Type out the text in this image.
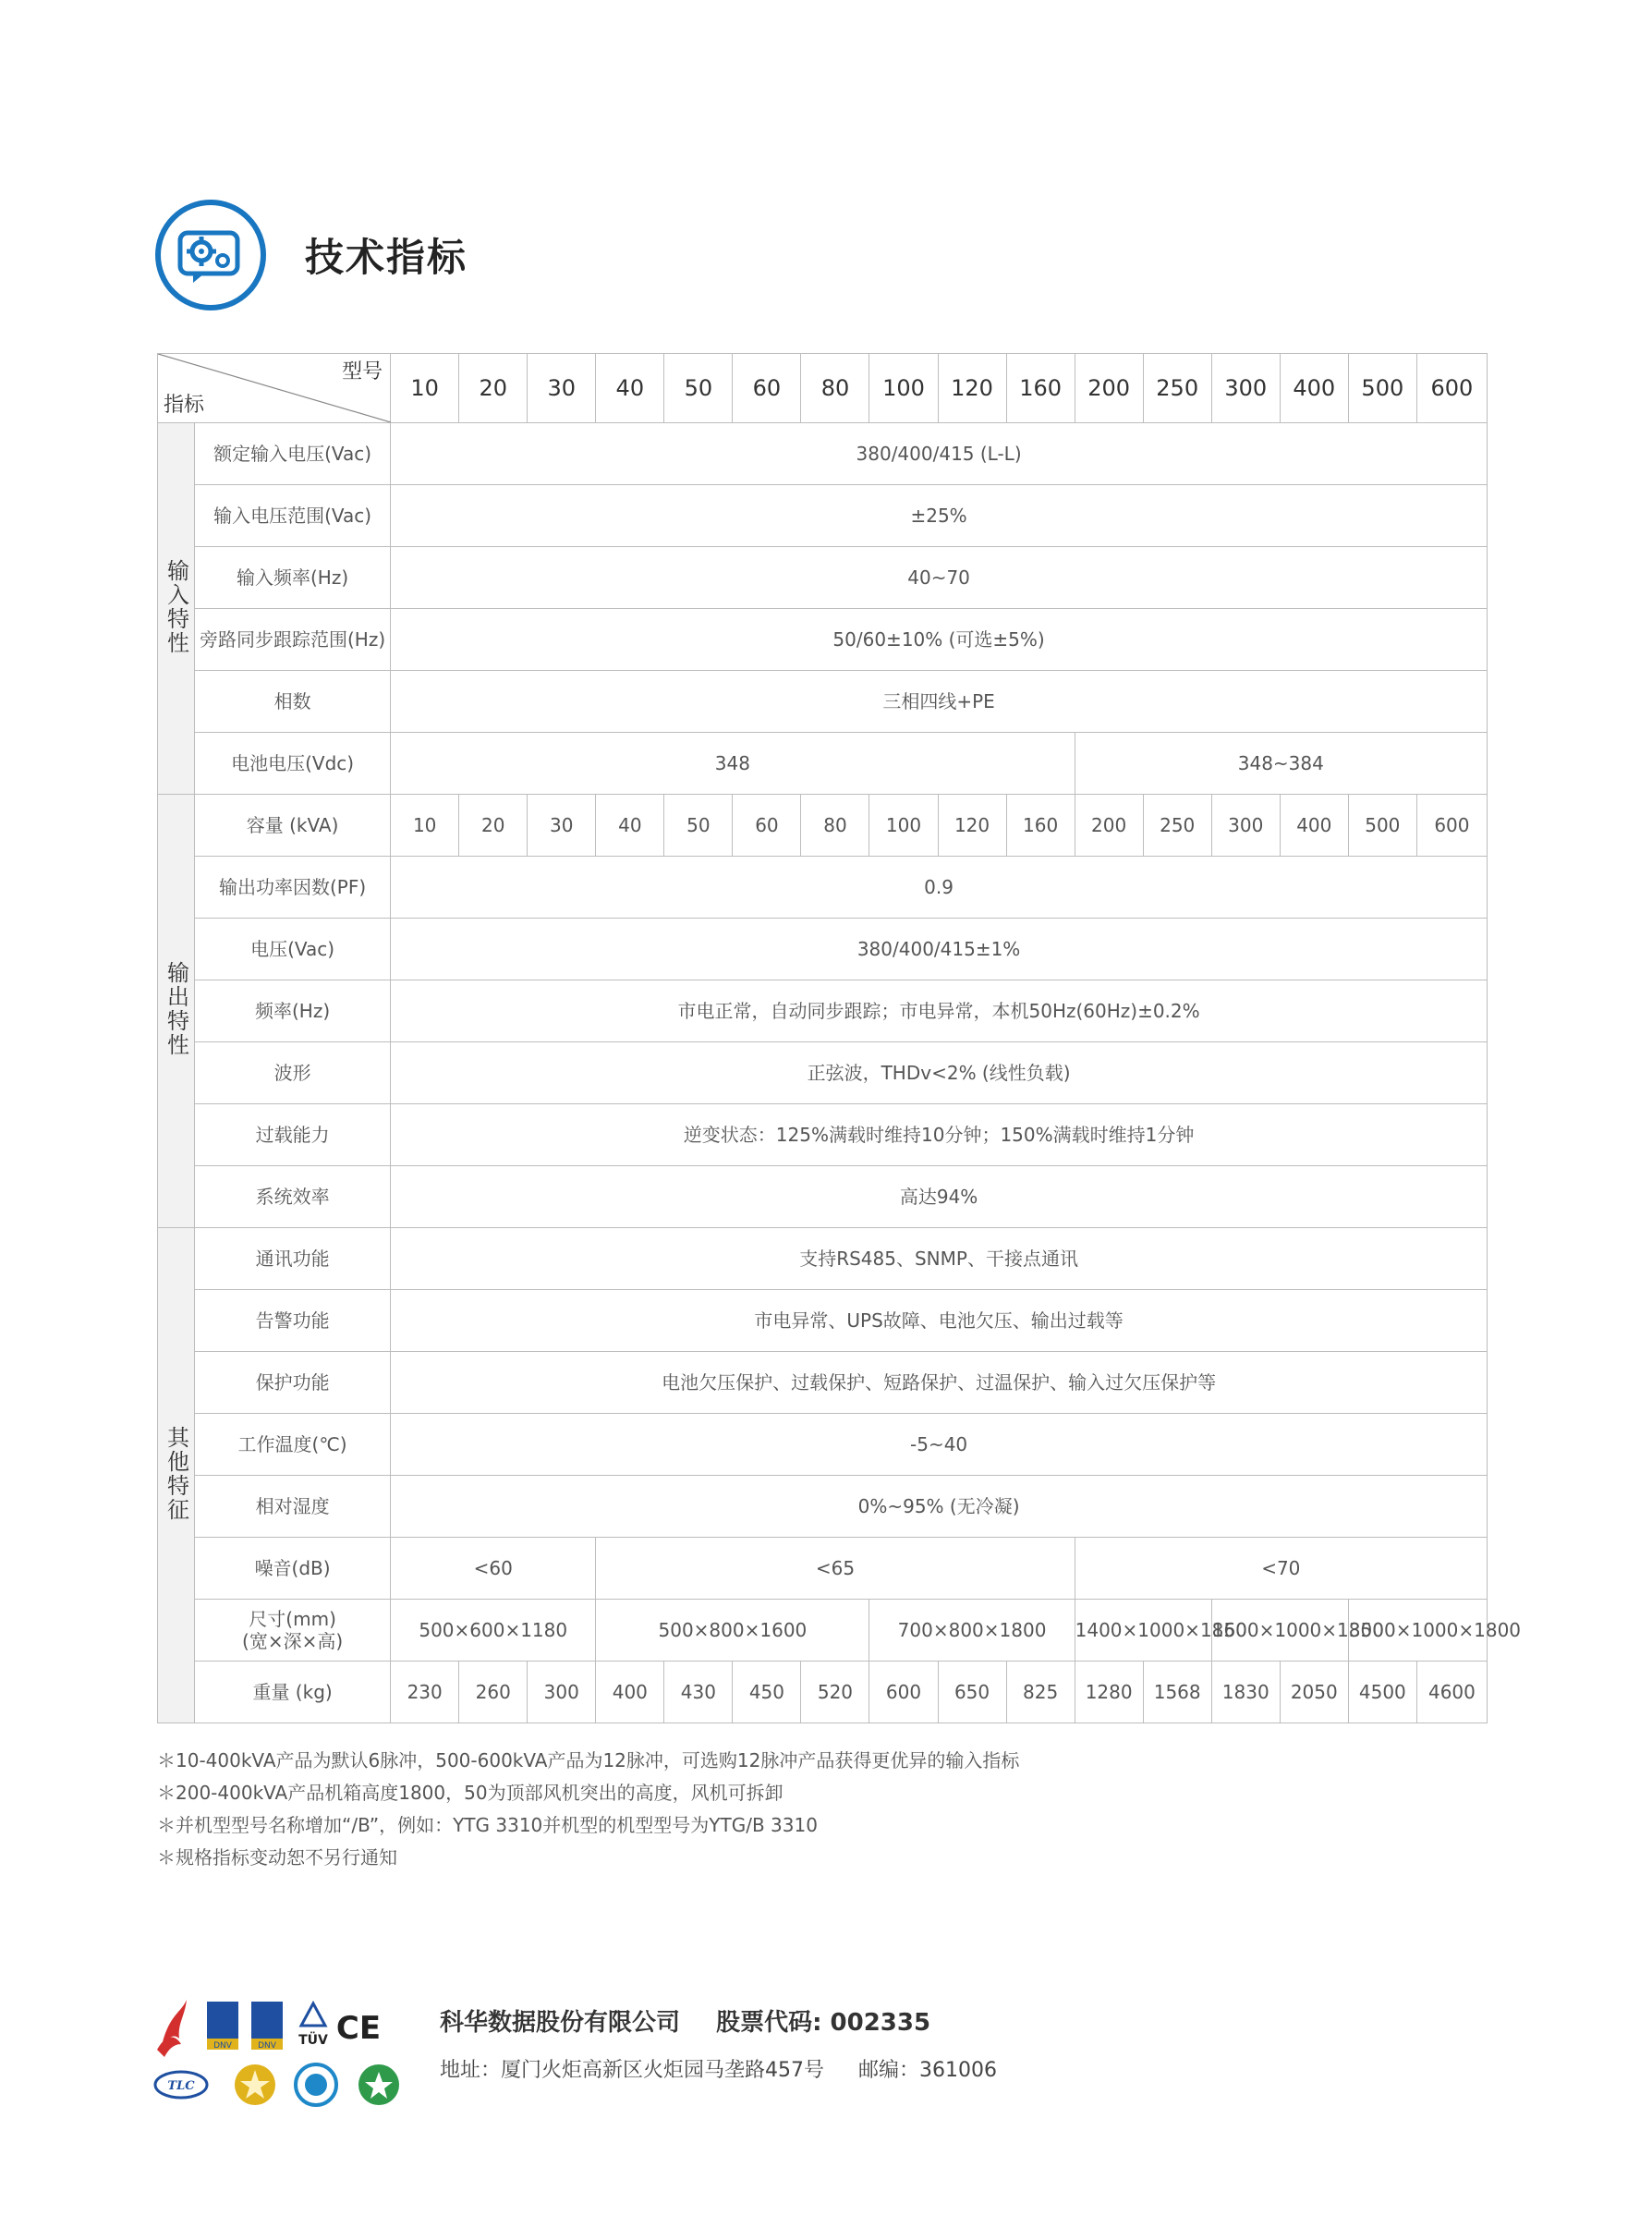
技术指标
型号
指标		10	20	30	40	50	60	80	100	120	160	200	250	300	400	500	600
输入特性	额定输入电压(Vac)	380/400/415 (L-L)															
	输入电压范围(Vac)	±25%															
	输入频率(Hz)	40~70															
	旁路同步跟踪范围(Hz)	50/60±10% (可选±5%)															
	相数	三相四线+PE															
	电池电压(Vdc)	348										348~384					
输出特性	容量 (kVA)	10	20	30	40	50	60	80	100	120	160	200	250	300	400	500	600
	输出功率因数(PF)	0.9															
	电压(Vac)	380/400/415±1%															
	频率(Hz)	市电正常，自动同步跟踪；市电异常，本机50Hz(60Hz)±0.2%															
	波形	正弦波，THDv<2% (线性负载)															
	过载能力	逆变状态：125%满载时维持10分钟；150%满载时维持1分钟															
	系统效率	高达94%															
其他特征	通讯功能	支持RS485、SNMP、干接点通讯															
	告警功能	市电异常、UPS故障、电池欠压、输出过载等															
	保护功能	电池欠压保护、过载保护、短路保护、过温保护、输入过欠压保护等															
	工作温度(℃)	-5~40															
	相对湿度	0%~95% (无冷凝)															
	噪音(dB)	<60			<65							<70					
	尺寸(mm)
(宽×深×高)	500×600×1180			500×800×1600				700×800×1800			1400×1000×1850		1600×1000×1850		3000×1000×1800	
	重量 (kg)	230	260	300	400	430	450	520	600	650	825	1280	1568	1830	2050	4500	4600
＊10-400kVA产品为默认6脉冲，500-600kVA产品为12脉冲，可选购12脉冲产品获得更优异的输入指标
＊200-400kVA产品机箱高度1800，50为顶部风机突出的高度，风机可拆卸
＊并机型型号名称增加“/B”，例如：YTG 3310并机型的机型型号为YTG/B 3310
＊规格指标变动恕不另行通知
DNV	DNV TÜV CE
TLC
科华数据股份有限公司 股票代码: 002335
地址：厦门火炬高新区火炬园马垄路457号 邮编：361006
